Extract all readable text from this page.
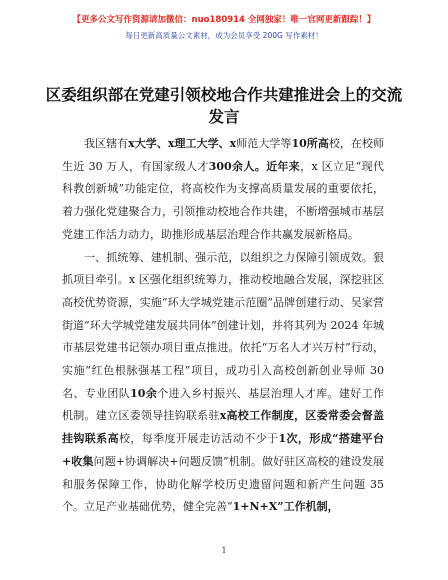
【更多公文写作资源请加微信：nuo180914 全网独家！唯一官网更新跟踪！】
每日更新高质量公文素材，成为会员享受 200G 写作素材！
区委组织部在党建引领校地合作共建推进会上的交流发言

我区辖有x大学、x理工大学、x师范大学等10所高校，在校师生近 30 万人，有国家级人才300余人。近年来，x 区立足“现代科教创新城”功能定位，将高校作为支撑高质量发展的重要依托，着力强化党建聚合力，引领推动校地合作共建，不断增强城市基层党建工作活力动力，助推形成基层治理合作共赢发展新格局。

一、抓统筹、建机制、强示范，以组织之力保障引领成效。狠抓项目牵引。x 区强化组织统筹力，推动校地融合发展，深挖驻区高校优势资源，实施“环大学城党建示范圈”品牌创建行动、吴家营街道“环大学城党建发展共同体”创建计划，并将其列为 2024 年城市基层党建书记领办项目重点推进。依托“万名人才兴万村”行动，实施“红色根脉强基工程”项目，成功引入高校创新创业导师 30 名、专业团队10余个进入乡村振兴、基层治理人才库。建好工作机制。建立区委领导挂钩联系驻x高校工作制度，区委常委会督盖挂钩联系高校，每季度开展走访活动不少于1次，形成“搭建平台+收集问题+协调解决+问题反馈”机制。做好驻区高校的建设发展和服务保障工作，协助化解学校历史遗留问题和新产生问题 35 个。立足产业基础优势，健全完善“1+N+X”工作机制，

1
